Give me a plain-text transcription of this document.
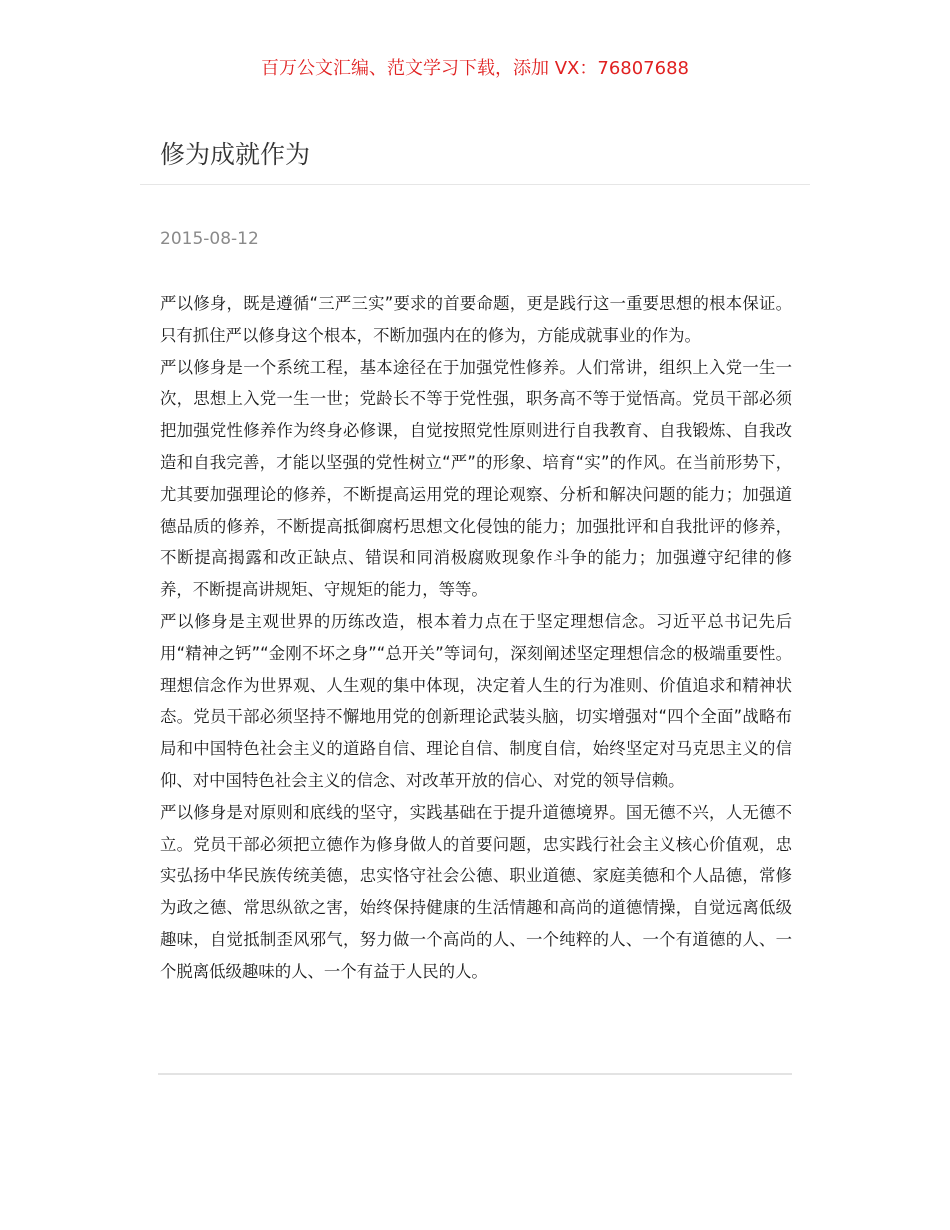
百万公文汇编、范文学习下载，添加 VX：76807688
修为成就作为
2015-08-12

严以修身，既是遵循“三严三实”要求的首要命题，更是践行这一重要思想的根本保证。只有抓住严以修身这个根本，不断加强内在的修为，方能成就事业的作为。

严以修身是一个系统工程，基本途径在于加强党性修养。人们常讲，组织上入党一生一次，思想上入党一生一世；党龄长不等于党性强，职务高不等于觉悟高。党员干部必须把加强党性修养作为终身必修课，自觉按照党性原则进行自我教育、自我锻炼、自我改造和自我完善，才能以坚强的党性树立“严”的形象、培育“实”的作风。在当前形势下，尤其要加强理论的修养，不断提高运用党的理论观察、分析和解决问题的能力；加强道德品质的修养，不断提高抵御腐朽思想文化侵蚀的能力；加强批评和自我批评的修养，不断提高揭露和改正缺点、错误和同消极腐败现象作斗争的能力；加强遵守纪律的修养，不断提高讲规矩、守规矩的能力，等等。

严以修身是主观世界的历练改造，根本着力点在于坚定理想信念。习近平总书记先后用“精神之钙”“金刚不坏之身”“总开关”等词句，深刻阐述坚定理想信念的极端重要性。理想信念作为世界观、人生观的集中体现，决定着人生的行为准则、价值追求和精神状态。党员干部必须坚持不懈地用党的创新理论武装头脑，切实增强对“四个全面”战略布局和中国特色社会主义的道路自信、理论自信、制度自信，始终坚定对马克思主义的信仰、对中国特色社会主义的信念、对改革开放的信心、对党的领导信赖。

严以修身是对原则和底线的坚守，实践基础在于提升道德境界。国无德不兴，人无德不立。党员干部必须把立德作为修身做人的首要问题，忠实践行社会主义核心价值观，忠实弘扬中华民族传统美德，忠实恪守社会公德、职业道德、家庭美德和个人品德，常修为政之德、常思纵欲之害，始终保持健康的生活情趣和高尚的道德情操，自觉远离低级趣味，自觉抵制歪风邪气，努力做一个高尚的人、一个纯粹的人、一个有道德的人、一个脱离低级趣味的人、一个有益于人民的人。
